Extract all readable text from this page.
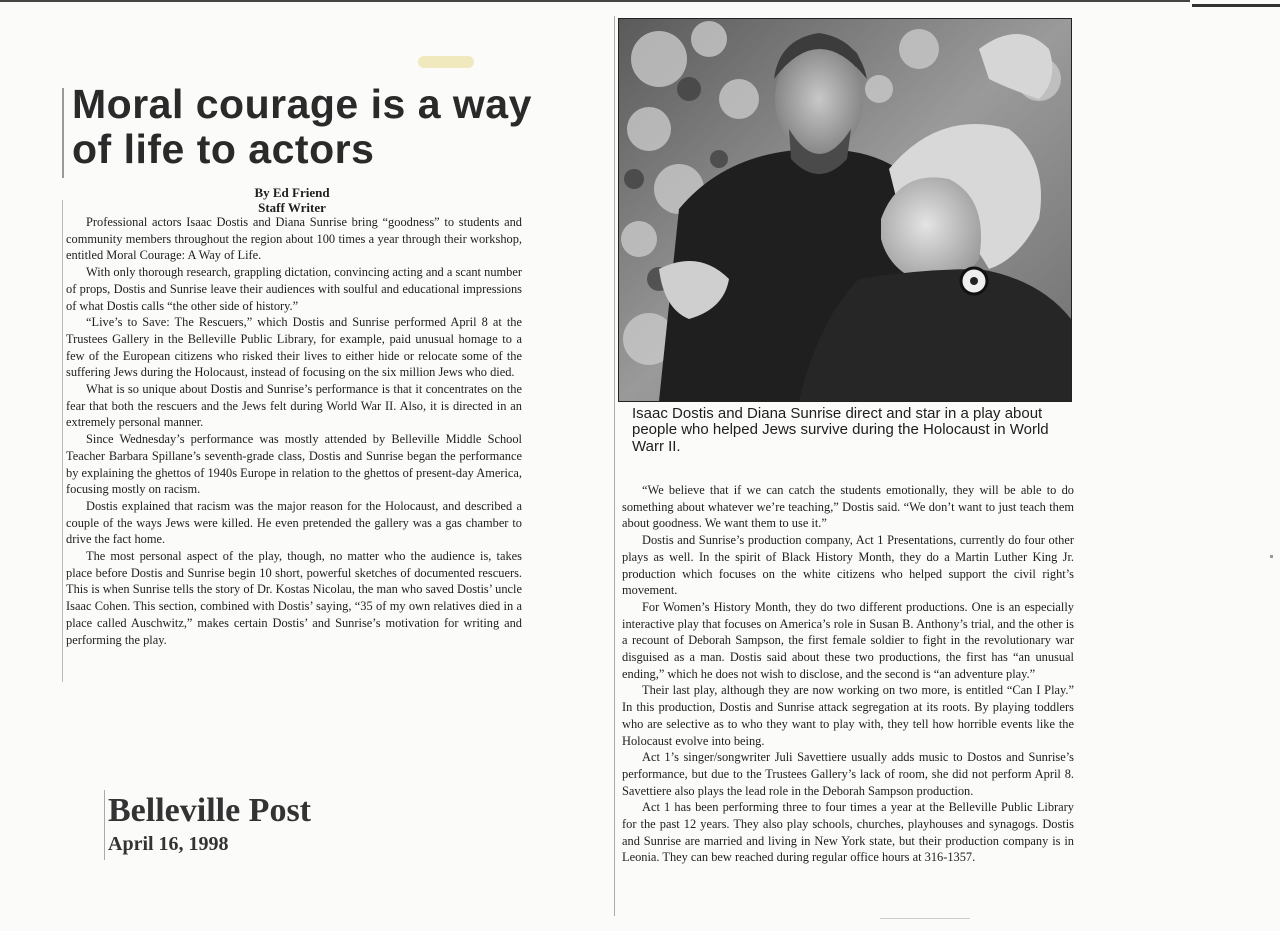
Moral courage is a way of life to actors
By Ed Friend
Staff Writer

Professional actors Isaac Dostis and Diana Sunrise bring “goodness” to students and community members throughout the region about 100 times a year through their workshop, entitled Moral Courage: A Way of Life.

With only thorough research, grappling dictation, convincing acting and a scant number of props, Dostis and Sunrise leave their audiences with soulful and educational impressions of what Dostis calls “the other side of history.”

“Live’s to Save: The Rescuers,” which Dostis and Sunrise performed April 8 at the Trustees Gallery in the Belleville Public Library, for example, paid unusual homage to a few of the European citizens who risked their lives to either hide or relocate some of the suffering Jews during the Holocaust, instead of focusing on the six million Jews who died.

What is so unique about Dostis and Sunrise’s performance is that it concentrates on the fear that both the rescuers and the Jews felt during World War II. Also, it is directed in an extremely personal manner.

Since Wednesday’s performance was mostly attended by Belleville Middle School Teacher Barbara Spillane’s seventh-grade class, Dostis and Sunrise began the performance by explaining the ghettos of 1940s Europe in relation to the ghettos of present-day America, focusing mostly on racism.

Dostis explained that racism was the major reason for the Holocaust, and described a couple of the ways Jews were killed. He even pretended the gallery was a gas chamber to drive the fact home.

The most personal aspect of the play, though, no matter who the audience is, takes place before Dostis and Sunrise begin 10 short, powerful sketches of documented rescuers. This is when Sunrise tells the story of Dr. Kostas Nicolau, the man who saved Dostis’ uncle Isaac Cohen. This section, combined with Dostis’ saying, “35 of my own relatives died in a place called Auschwitz,” makes certain Dostis’ and Sunrise’s motivation for writing and performing the play.

Isaac Dostis and Diana Sunrise direct and star in a play about people who helped Jews survive during the Holocaust in World Warr II.

“We believe that if we can catch the students emotionally, they will be able to do something about whatever we’re teaching,” Dostis said. “We don’t want to just teach them about goodness. We want them to use it.”

Dostis and Sunrise’s production company, Act 1 Presentations, currently do four other plays as well. In the spirit of Black History Month, they do a Martin Luther King Jr. production which focuses on the white citizens who helped support the civil right’s movement.

For Women’s History Month, they do two different productions. One is an especially interactive play that focuses on America’s role in Susan B. Anthony’s trial, and the other is a recount of Deborah Sampson, the first female soldier to fight in the revolutionary war disguised as a man. Dostis said about these two productions, the first has “an unusual ending,” which he does not wish to disclose, and the second is “an adventure play.”

Their last play, although they are now working on two more, is entitled “Can I Play.” In this production, Dostis and Sunrise attack segregation at its roots. By playing toddlers who are selective as to who they want to play with, they tell how horrible events like the Holocaust evolve into being.

Act 1’s singer/songwriter Juli Savettiere usually adds music to Dostos and Sunrise’s performance, but due to the Trustees Gallery’s lack of room, she did not perform April 8. Savettiere also plays the lead role in the Deborah Sampson production.

Act 1 has been performing three to four times a year at the Belleville Public Library for the past 12 years. They also play schools, churches, playhouses and synagogs. Dostis and Sunrise are married and living in New York state, but their production company is in Leonia. They can bew reached during regular office hours at 316-1357.

Belleville Post
April 16, 1998
